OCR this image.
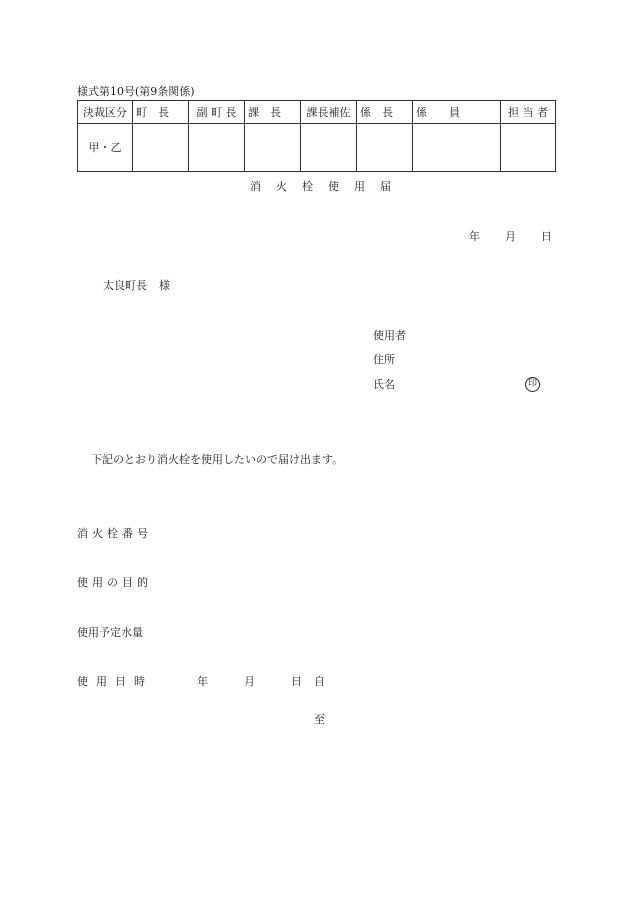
様式第10号(第9条関係)
決裁区分	町　長	副 町 長	課　長	課長補佐	係　長	係　　員	担 当 者

甲・乙							
消 火 栓 使 用 届
年 月 日
太良町長 様
使用者
住所
氏名	印
下記のとおり消火栓を使用したいので届け出ます。
消火栓番号
使用の目的
使用予定水量
使用日時	年	月	日 自
至
